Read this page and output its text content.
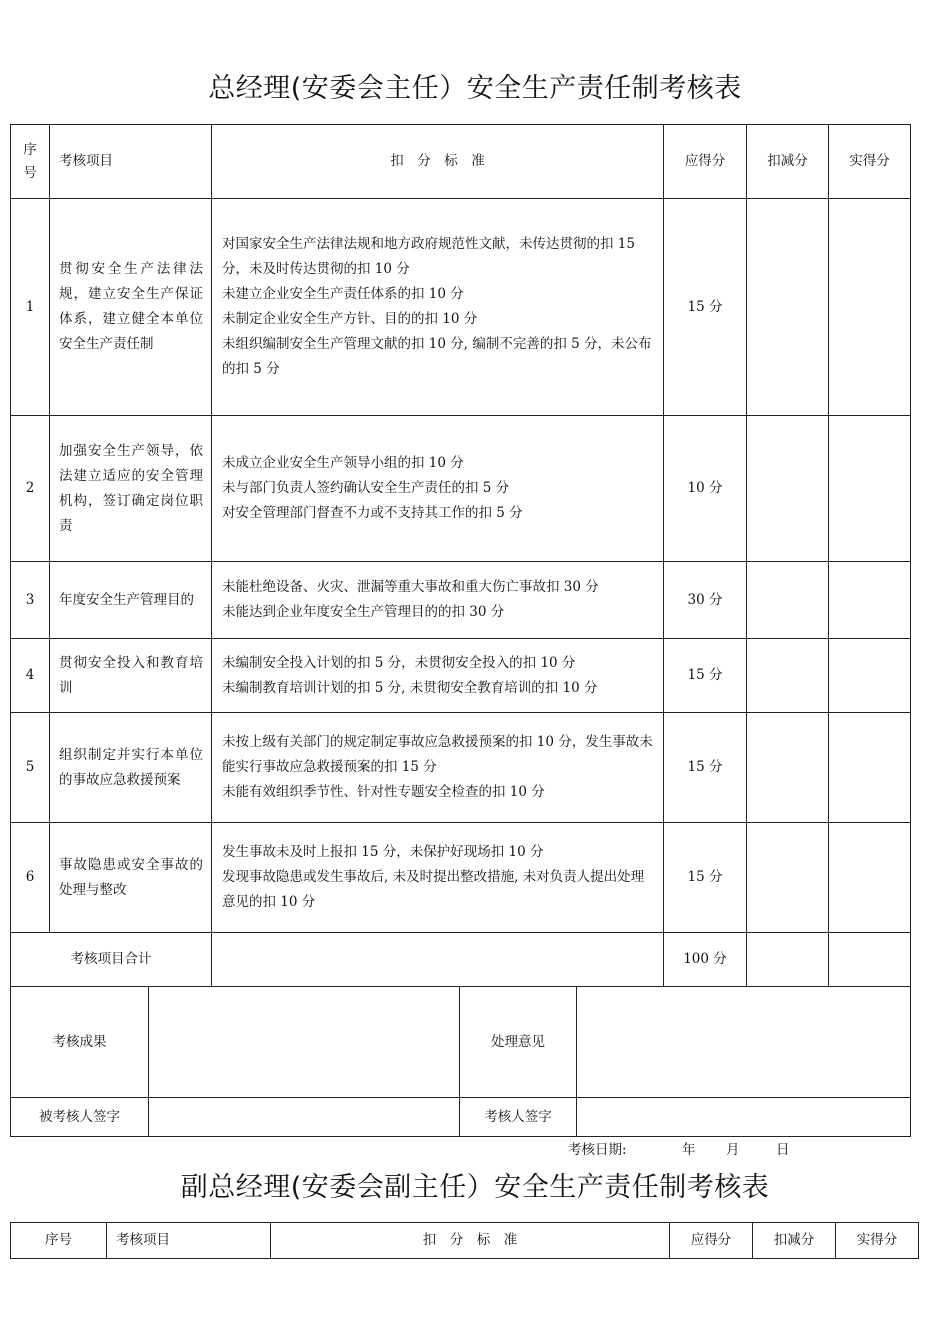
总经理(安委会主任）安全生产责任制考核表
序
号	考核项目	扣　分　标　准	应得分	扣减分	实得分
1	贯彻安全生产法律法规，建立安全生产保证体系，建立健全本单位安全生产责任制	对国家安全生产法律法规和地方政府规范性文献，未传达贯彻的扣 15 分，未及时传达贯彻的扣 10 分
未建立企业安全生产责任体系的扣 10 分
未制定企业安全生产方针、目的的扣 10 分
未组织编制安全生产管理文献的扣 10 分, 编制不完善的扣 5 分，未公布的扣 5 分	15 分		
2	加强安全生产领导，依法建立适应的安全管理机构，签订确定岗位职责	未成立企业安全生产领导小组的扣 10 分
未与部门负责人签约确认安全生产责任的扣 5 分
对安全管理部门督查不力或不支持其工作的扣 5 分	10 分		
3	年度安全生产管理目的	未能杜绝设备、火灾、泄漏等重大事故和重大伤亡事故扣 30 分
未能达到企业年度安全生产管理目的的扣 30 分	30 分		
4	贯彻安全投入和教育培训	未编制安全投入计划的扣 5 分，未贯彻安全投入的扣 10 分
未编制教育培训计划的扣 5 分, 未贯彻安全教育培训的扣 10 分	15 分		
5	组织制定并实行本单位的事故应急救援预案	未按上级有关部门的规定制定事故应急救援预案的扣 10 分，发生事故未能实行事故应急救援预案的扣 15 分
未能有效组织季节性、针对性专题安全检查的扣 10 分	15 分		
6	事故隐患或安全事故的处理与整改	发生事故未及时上报扣 15 分，未保护好现场扣 10 分
发现事故隐患或发生事故后, 未及时提出整改措施, 未对负责人提出处理意见的扣 10 分	15 分		
考核项目合计			100 分		
考核成果		处理意见	
被考核人签字		考核人签字	
考核日期:	年 月	日
副总经理(安委会副主任）安全生产责任制考核表
序号	考核项目	扣　分　标　准	应得分	扣减分	实得分
